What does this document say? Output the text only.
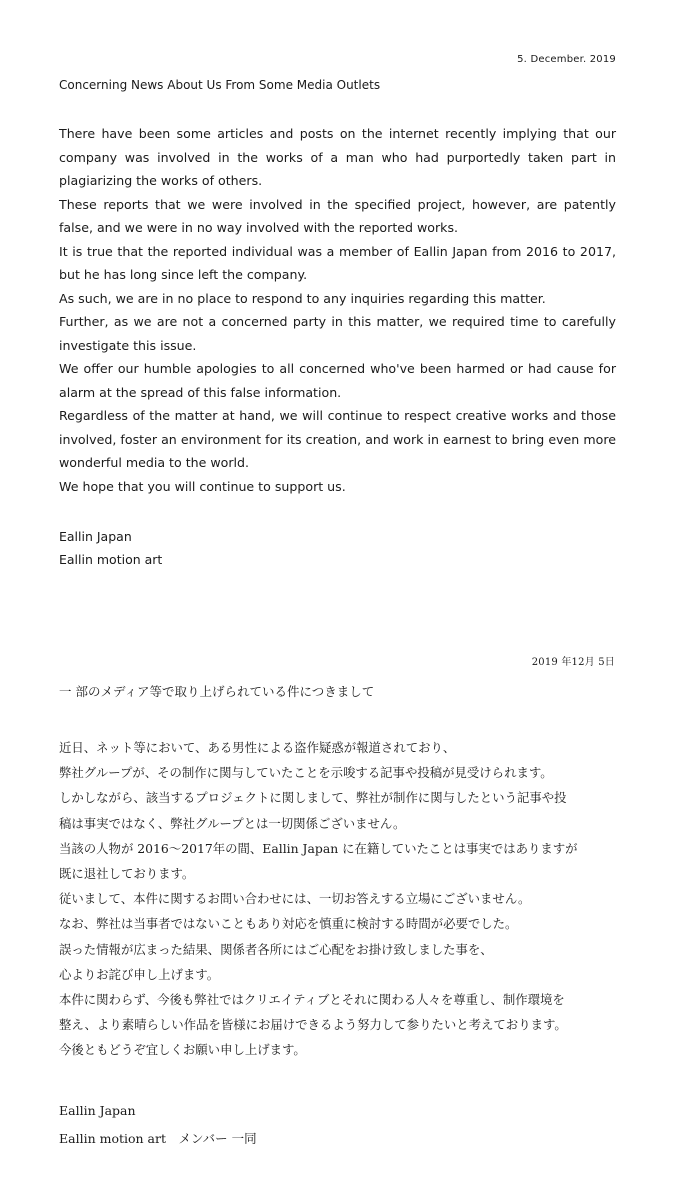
5. December. 2019
Concerning News About Us From Some Media Outlets

There have been some articles and posts on the internet recently implying that our company was involved in the works of a man who had purportedly taken part in plagiarizing the works of others.

These reports that we were involved in the specified project, however, are patently false, and we were in no way involved with the reported works.

It is true that the reported individual was a member of Eallin Japan from 2016 to 2017, but he has long since left the company.

As such, we are in no place to respond to any inquiries regarding this matter.

Further, as we are not a concerned party in this matter, we required time to carefully investigate this issue.

We offer our humble apologies to all concerned who've been harmed or had cause for alarm at the spread of this false information.

Regardless of the matter at hand, we will continue to respect creative works and those involved, foster an environment for its creation, and work in earnest to bring even more wonderful media to the world.

We hope that you will continue to support us.

Eallin Japan
Eallin motion art
2019 年12月 5日
一 部のメディア等で取り上げられている件につきまして

近日、ネット等において、ある男性による盗作疑惑が報道されており、

弊社グループが、その制作に関与していたことを示唆する記事や投稿が見受けられます。

しかしながら、該当するプロジェクトに関しまして、弊社が制作に関与したという記事や投

稿は事実ではなく、弊社グループとは一切関係ございません。

当該の人物が 2016〜2017年の間、Eallin Japan に在籍していたことは事実ではありますが

既に退社しております。

従いまして、本件に関するお問い合わせには、一切お答えする立場にございません。

なお、弊社は当事者ではないこともあり対応を慎重に検討する時間が必要でした。

誤った情報が広まった結果、関係者各所にはご心配をお掛け致しました事を、

心よりお詫び申し上げます。

本件に関わらず、今後も弊社ではクリエイティブとそれに関わる人々を尊重し、制作環境を

整え、より素晴らしい作品を皆様にお届けできるよう努力して参りたいと考えております。

今後ともどうぞ宜しくお願い申し上げます。

Eallin Japan
Eallin motion art　メンバー 一同
